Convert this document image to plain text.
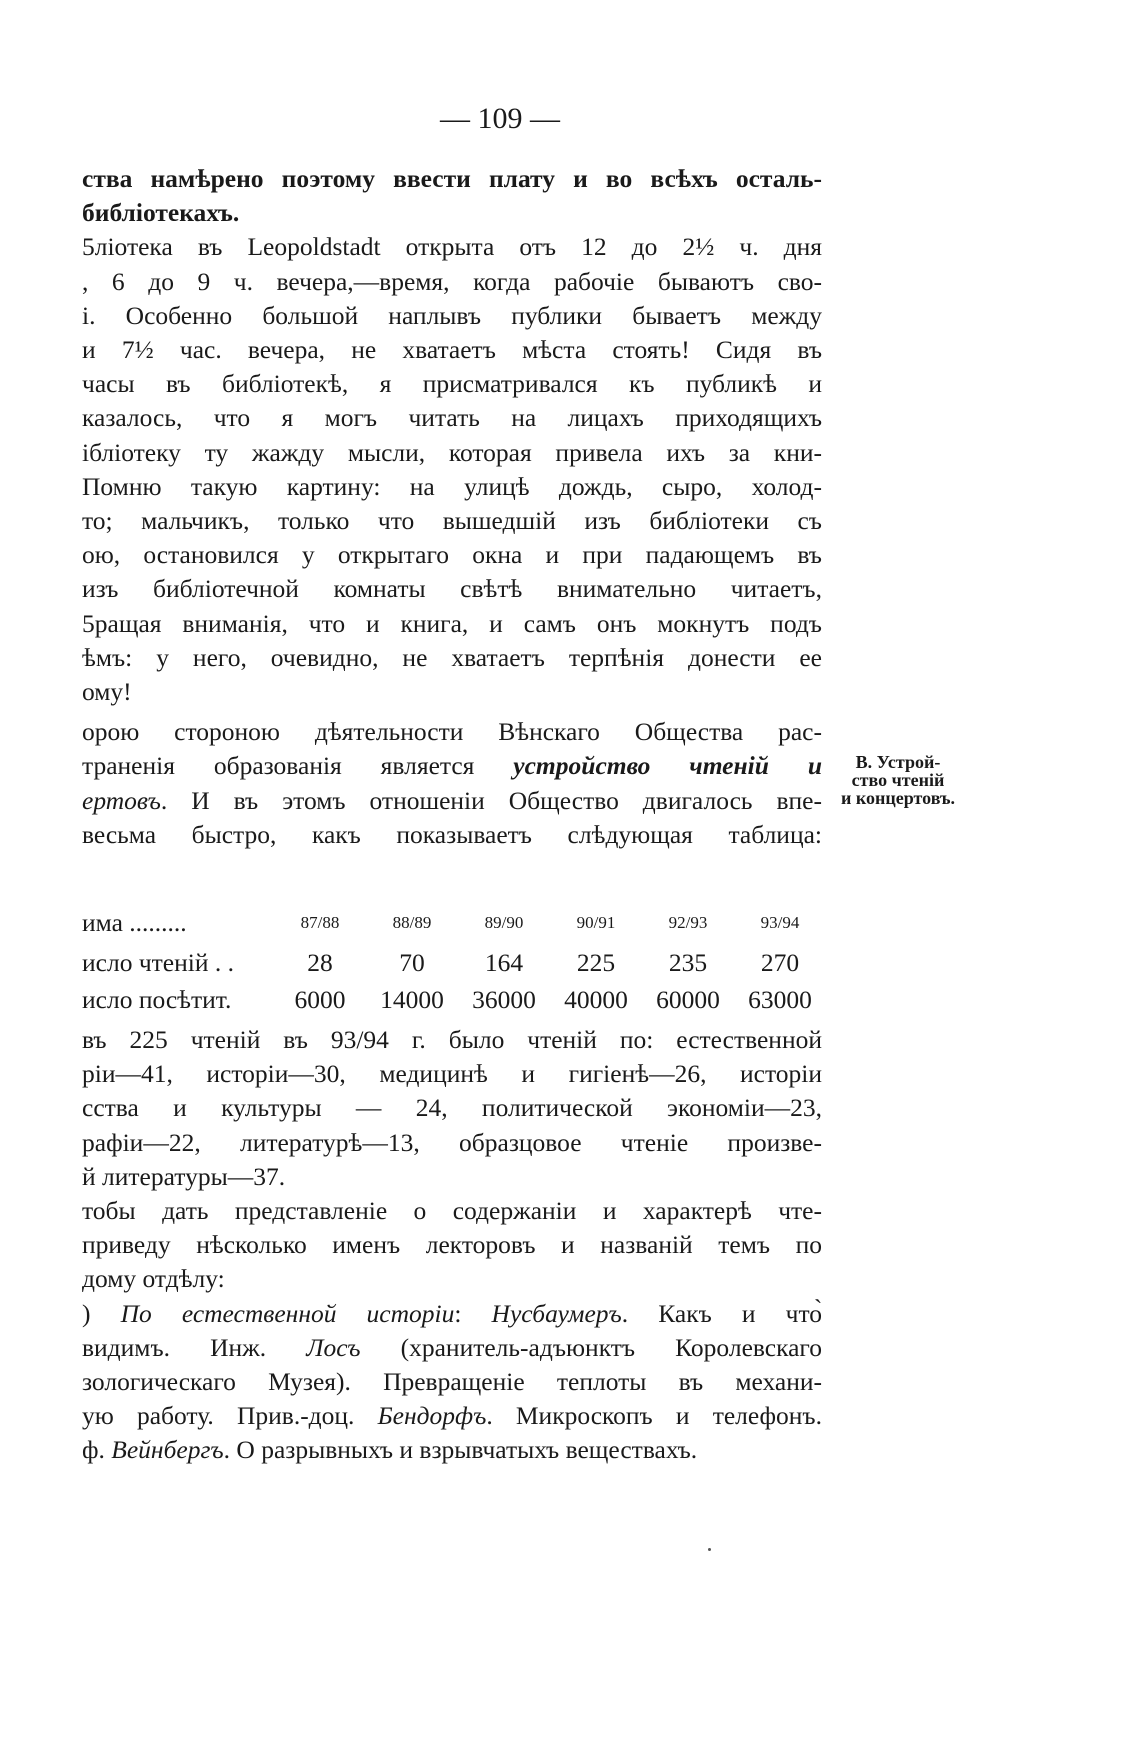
— 109 —
ства намѣрено поэтому ввести плату и во всѣхъ осталь-
библіотекахъ.
5ліотека въ Leopoldstadt открыта отъ 12 до 2½ ч. дня
, 6 до 9 ч. вечера,—время, когда рабочіе бываютъ сво-
і. Особенно большой наплывъ публики бываетъ между
и 7½ час. вечера, не хватаетъ мѣста стоять! Сидя въ
часы въ библіотекѣ, я присматривался къ публикѣ и
казалось, что я могъ читать на лицахъ приходящихъ
ібліотеку ту жажду мысли, которая привела ихъ за кни-
Помню такую картину: на улицѣ дождь, сыро, холод-
то; мальчикъ, только что вышедшій изъ библіотеки съ
ою, остановился у открытаго окна и при падающемъ въ
изъ библіотечной комнаты свѣтѣ внимательно читаетъ,
5ращая вниманія, что и книга, и самъ онъ мокнутъ подъ
ѣмъ: у него, очевидно, не хватаетъ терпѣнія донести ее
ому!
орою стороною дѣятельности Вѣнскаго Общества рас-
траненія образованія является устройство чтеній и
ертовъ. И въ этомъ отношеніи Общество двигалось впе-
весьма быстро, какъ показываетъ слѣдующая таблица:
В. Устрой-
ство чтеній
и концертовъ.
има .........	87/88	88/89	89/90	90/91	92/93	93/94
исло чтеній . .	28	70	164	225	235	270
исло посѣтит.	6000	14000	36000	40000	60000	63000
въ 225 чтеній въ 93/94 г. было чтеній по: естественной
ріи—41, исторіи—30, медицинѣ и гигіенѣ—26, исторіи
сства и культуры — 24, политической экономіи—23,
рафіи—22, литературѣ—13, образцовое чтеніе произве-
й литературы—37.
тобы дать представленіе о содержаніи и характерѣ чте-
приведу нѣсколько именъ лекторовъ и названій темъ по
дому отдѣлу:
) По естественной исторіи: Нусбаумеръ. Какъ и что̀
видимъ. Инж. Лосъ (хранитель-адъюнктъ Королевскаго
зологическаго Музея). Превращеніе теплоты въ механи-
ую работу. Прив.-доц. Бендорфъ. Микроскопъ и телефонъ.
ф. Вейнбергъ. О разрывныхъ и взрывчатыхъ веществахъ.
